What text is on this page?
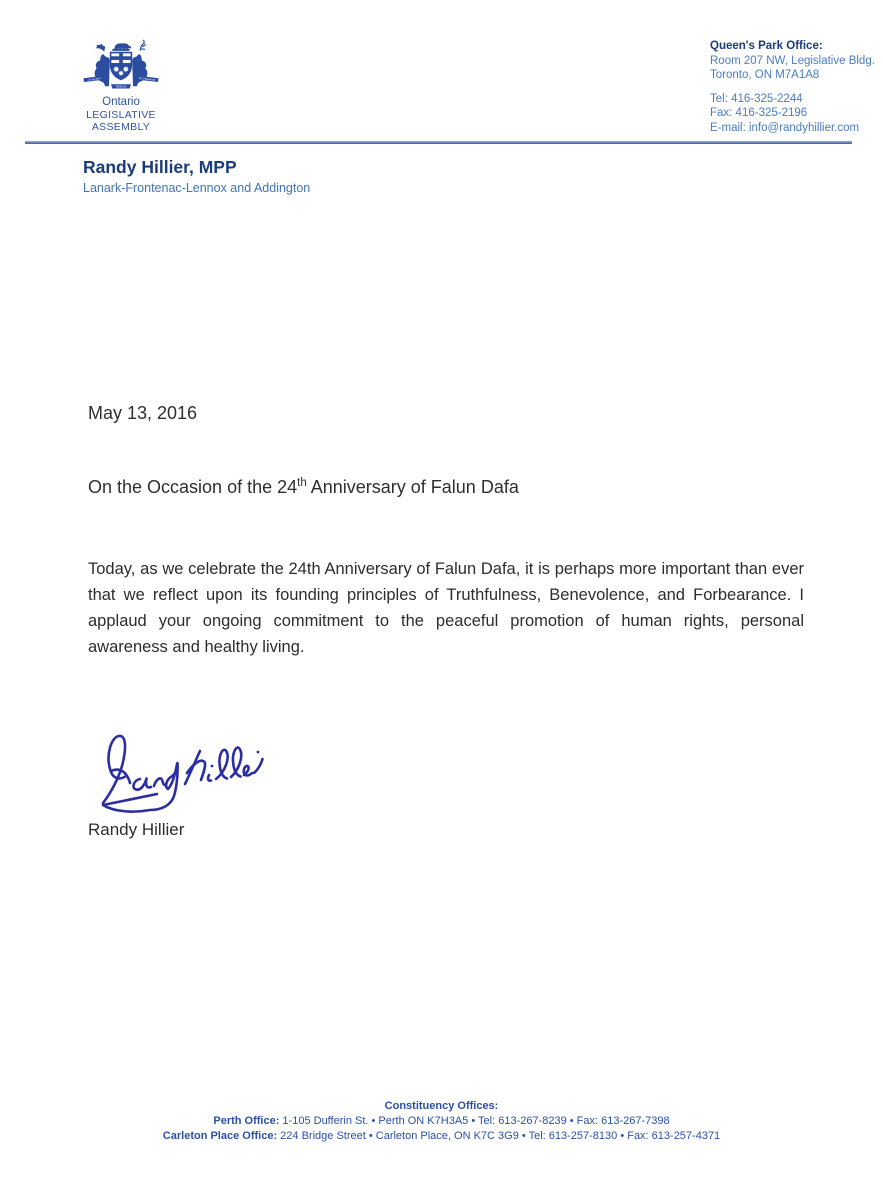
UT INCEPIT	SIC PERMANET
FIDELIS
Ontario
LEGISLATIVE
ASSEMBLY
Queen's Park Office:
Room 207 NW, Legislative Bldg.
Toronto, ON M7A1A8
Tel: 416-325-2244
Fax: 416-325-2196
E-mail: info@randyhillier.com
Randy Hillier, MPP
Lanark-Frontenac-Lennox and Addington
May 13, 2016
On the Occasion of the 24th Anniversary of Falun Dafa

Today, as we celebrate the 24th Anniversary of Falun Dafa, it is perhaps more important than ever that we reflect upon its founding principles of Truthfulness, Benevolence, and Forbearance. I applaud your ongoing commitment to the peaceful promotion of human rights, personal awareness and healthy living.

Randy Hillier
Constituency Offices:
Perth Office: 1-105 Dufferin St. • Perth ON K7H3A5 • Tel: 613-267-8239 • Fax: 613-267-7398
Carleton Place Office: 224 Bridge Street • Carleton Place, ON K7C 3G9 • Tel: 613-257-8130 • Fax: 613-257-4371
